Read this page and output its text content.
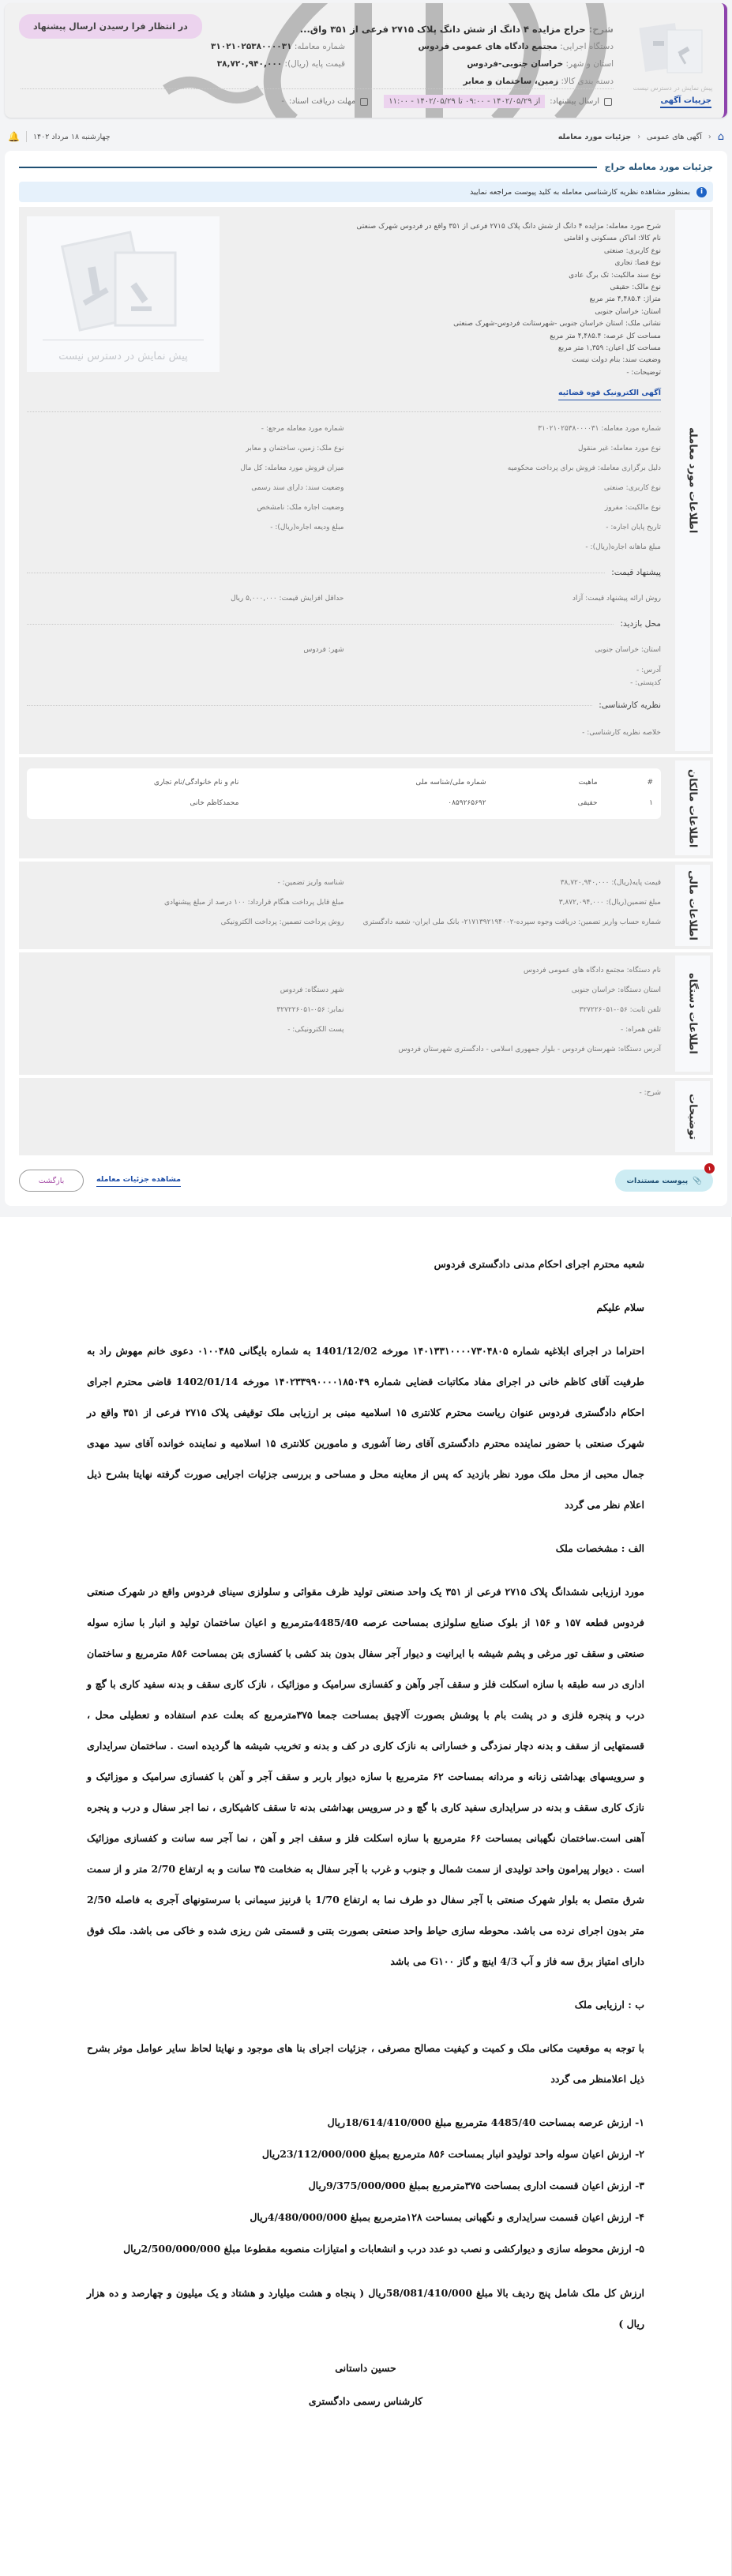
پیش نمایش در دسترس نیست
جزییات آگهی
شرح: حراج مزایده ۴ دانگ از شش دانگ پلاک ۲۷۱۵ فرعی از ۳۵۱ واق...
دستگاه اجرایی: مجتمع دادگاه های عمومی فردوس
استان و شهر: خراسان جنوبی-فردوس
دسته بندی کالا: زمین، ساختمان و معابر
شماره معامله: ۳۱۰۲۱۰۲۵۳۸۰۰۰۰۳۱
قیمت پایه (ریال): ۳۸,۷۲۰,۹۴۰,۰۰۰
در انتظار فرا رسیدن ارسال پیشنهاد
ارسال پیشنهاد:
از ۱۴۰۲/۰۵/۲۹ - ۰۹:۰۰ تا ۱۴۰۲/۰۵/۲۹ - ۱۱:۰۰
مهلت دریافت اسناد:
-
⌂
‹
آگهی های عمومی
‹
جزئیات مورد معامله
چهارشنبه ۱۸ مرداد ۱۴۰۲
🔔
جزئیات مورد معامله حراج
i
بمنظور مشاهده نظریه کارشناسی معامله به کلید پیوست مراجعه نمایید
اطلاعات مورد معامله
شرح مورد معامله: مزایده ۴ دانگ از شش دانگ پلاک ۲۷۱۵ فرعی از ۳۵۱ واقع در فردوس شهرک صنعتی
نام کالا: اماکن مسکونی و اقامتی
نوع کاربری: صنعتی
نوع فضا: تجاری
نوع سند مالکیت: تک برگ عادی
نوع مالک: حقیقی
متراژ: ۴,۴۸۵.۴ متر مربع
استان: خراسان جنوبی
نشانی ملک: استان خراسان جنوبی -شهرستانت فردوس-شهرک صنعتی
مساحت کل عرصه: ۴,۴۸۵.۴ متر مربع
مساحت کل اعیان: ۱,۳۵۹ متر مربع
وضعیت سند: بنام دولت نیست
توضیحات: -
پیش نمایش در دسترس نیست
آگهی الکترونیک قوه قضائیه
شماره مورد معامله: ۳۱۰۲۱۰۲۵۳۸۰۰۰۰۳۱
شماره مورد معامله مرجع: -
نوع مورد معامله: غیر منقول
نوع ملک: زمین، ساختمان و معابر
دلیل برگزاری معامله: فروش برای پرداخت محکومیه
میزان فروش مورد معامله: کل مال
نوع کاربری: صنعتی
وضعیت سند: دارای سند رسمی
نوع مالکیت: مفروز
وضعیت اجاره ملک: نامشخص
تاریخ پایان اجاره: -
مبلغ ودیعه اجاره(ریال): -
مبلغ ماهانه اجاره(ریال): -
پیشنهاد قیمت:
روش ارائه پیشنهاد قیمت: آزاد
حداقل افزایش قیمت: ۵,۰۰۰,۰۰۰ ریال
محل بازدید:
استان: خراسان جنوبی
شهر: فردوس
آدرس: -
کدپستی: -
نظریه کارشناسی:
خلاصه نظریه کارشناسی: -
اطلاعات مالکان
#	ماهیت	شماره ملی/شناسه ملی	نام و نام خانوادگی/نام تجاری
۱	حقیقی	۰۸۵۹۲۶۵۶۹۲	محمدکاظم خانی
اطلاعات مالی
قیمت پایه(ریال): ۳۸,۷۲۰,۹۴۰,۰۰۰
شناسه واریز تضمین: -
مبلغ تضمین(ریال): ۳,۸۷۲,۰۹۴,۰۰۰
مبلغ قابل پرداخت هنگام قرارداد: ۱۰۰ درصد از مبلغ پیشنهادی
شماره حساب واریز تضمین: دریافت وجوه سپرده-۲۱۷۱۳۹۲۱۹۴۰۰۲- بانک ملی ایران- شعبه دادگستری
روش پرداخت تضمین: پرداخت الکترونیکی
اطلاعات دستگاه
نام دستگاه: مجتمع دادگاه های عمومی فردوس
استان دستگاه: خراسان جنوبی
شهر دستگاه: فردوس
تلفن ثابت: ۰۵۶-۳۲۷۲۲۶۰۵۱
نمابر: ۰۵۶-۳۲۷۲۲۶۰۵۱
تلفن همراه: -
پست الکترونیکی: -
آدرس دستگاه: شهرستان فردوس - بلوار جمهوری اسلامی - دادگستری شهرستان فردوس
توضیحات
شرح: -
۱
📎
پیوست مستندات
مشاهده جزئیات معامله
بازگشت

شعبه محترم اجرای احکام مدنی دادگستری فردوس

سلام علیکم

احتراما در اجرای ابلاغیه شماره ۱۴۰۱۳۳۱۰۰۰۰۷۳۰۴۸۰۵ مورخه 1401/12/02 به شماره بایگانی ۰۱۰۰۴۸۵ دعوی خانم مهوش راد به طرفیت آقای کاظم خانی در اجرای مفاد مکاتبات قضایی شماره ۱۴۰۲۳۳۹۹۰۰۰۰۱۸۵۰۴۹ مورخه 1402/01/14 قاضی محترم اجرای احکام دادگستری فردوس عنوان ریاست محترم کلانتری ۱۵ اسلامیه مبنی بر ارزیابی ملک توقیفی پلاک ۲۷۱۵ فرعی از ۳۵۱ واقع در شهرک صنعتی با حضور نماینده محترم دادگستری آقای رضا آشوری و مامورین کلانتری ۱۵ اسلامیه و نماینده خوانده آقای سید مهدی جمال محبی از محل ملک مورد نظر بازدید که پس از معاینه محل و مساحی و بررسی جزئیات اجرایی صورت گرفته نهایتا بشرح ذیل اعلام نظر می گردد

الف : مشخصات ملک

مورد ارزیابی ششدانگ پلاک ۲۷۱۵ فرعی از ۳۵۱ یک واحد صنعتی تولید ظرف مقوائی و سلولزی سینای فردوس واقع در شهرک صنعتی فردوس قطعه ۱۵۷ و ۱۵۶ از بلوک صنایع سلولزی بمساحت عرصه 4485/40مترمربع و اعیان ساختمان تولید و انبار با سازه سوله صنعتی و سقف تور مرغی و پشم شیشه با ایرانیت و دیوار آجر سفال بدون بند کشی با کفسازی بتن بمساحت ۸۵۶ مترمربع و ساختمان اداری در سه طبقه با سازه اسکلت فلز و سقف آجر وآهن و کفسازی سرامیک و موزائیک ، نازک کاری سقف و بدنه سفید کاری با گچ و درب و پنجره فلزی و در پشت بام با پوشش بصورت آلاچیق بمساحت جمعا ۳۷۵مترمربع که بعلت عدم استفاده و تعطیلی محل ، قسمتهایی از سقف و بدنه دچار نمزدگی و خساراتی به نازک کاری در کف و بدنه و تخریب شیشه ها گردیده است . ساختمان سرایداری و سرویسهای بهداشتی زنانه و مردانه بمساحت ۶۲ مترمربع با سازه دیوار باربر و سقف آجر و آهن با کفسازی سرامیک و موزائیک و نازک کاری سقف و بدنه در سرایداری سفید کاری با گچ و در سرویس بهداشتی بدنه تا سقف کاشیکاری ، نما اجر سفال و درب و پنجره آهنی است.ساختمان نگهبانی بمساحت ۶۶ مترمربع با سازه اسکلت فلز و سقف اجر و آهن ، نما آجر سه سانت و کفسازی موزائیک است . دیوار پیرامون واحد تولیدی از سمت شمال و جنوب و غرب با آجر سفال به ضخامت ۳۵ سانت و به ارتفاع 2/70 متر و از سمت شرق متصل به بلوار شهرک صنعتی با آجر سفال دو طرف نما به ارتفاع 1/70 با قرنیز سیمانی با سرستونهای آجری به فاصله 2/50 متر بدون اجرای نرده می باشد. محوطه سازی حیاط واحد صنعتی بصورت بتنی و قسمتی شن ریزی شده و خاکی می باشد. ملک فوق دارای امتیاز برق سه فاز و آب 4/3 اینچ و گاز G۱۰۰ می باشد

ب : ارزیابی ملک

با توجه به موقعیت مکانی ملک و کمیت و کیفیت مصالح مصرفی ، جزئیات اجرای بنا های موجود و نهایتا لحاظ سایر عوامل موثر بشرح ذیل اعلامنظر می گردد

۱- ارزش عرصه بمساحت 4485/40 مترمربع مبلغ 18/614/410/000ریال
۲- ارزش اعیان سوله واحد تولیدو انبار بمساحت ۸۵۶ مترمربع بمبلغ 23/112/000/000ریال
۳- ارزش اعیان قسمت اداری بمساحت ۳۷۵مترمربع بمبلغ 9/375/000/000ریال
۴- ارزش اعیان قسمت سرایداری و نگهبانی بمساحت ۱۲۸مترمربع بمبلغ 4/480/000/000ریال
۵- ارزش محوطه سازی و دیوارکشی و نصب دو عدد درب و انشعابات و امتیازات منصوبه مقطوعا مبلغ 2/500/000/000ریال

ارزش کل ملک شامل پنج ردیف بالا مبلغ 58/081/410/000ریال ( پنجاه و هشت میلیارد و هشتاد و یک میلیون و چهارصد و ده هزار ریال )

حسین داستانی

کارشناس رسمی دادگستری
